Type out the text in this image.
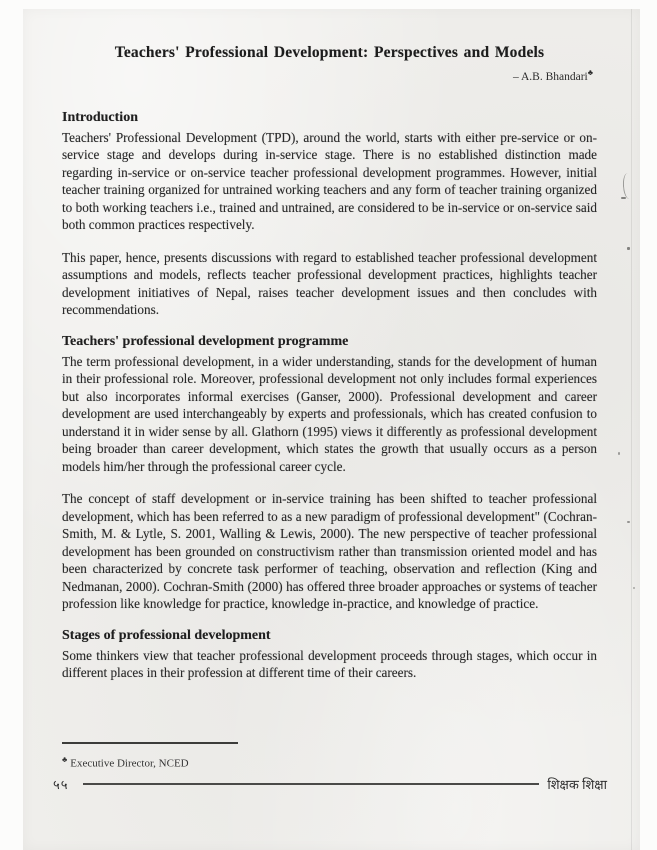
Teachers' Professional Development: Perspectives and Models
– A.B. Bhandari♣
Introduction

Teachers' Professional Development (TPD), around the world, starts with either pre-service or on-service stage and develops during in-service stage. There is no established distinction made regarding in-service or on-service teacher professional development programmes. However, initial teacher training organized for untrained working teachers and any form of teacher training organized to both working teachers i.e., trained and untrained, are considered to be in-service or on-service said both common practices respectively.

This paper, hence, presents discussions with regard to established teacher professional development assumptions and models, reflects teacher professional development practices, highlights teacher development initiatives of Nepal, raises teacher development issues and then concludes with recommendations.

Teachers' professional development programme

The term professional development, in a wider understanding, stands for the development of human in their professional role. Moreover, professional development not only includes formal experiences but also incorporates informal exercises (Ganser, 2000). Professional development and career development are used interchangeably by experts and professionals, which has created confusion to understand it in wider sense by all. Glathorn (1995) views it differently as professional development being broader than career development, which states the growth that usually occurs as a person models him/her through the professional career cycle.

The concept of staff development or in-service training has been shifted to teacher professional development, which has been referred to as a new paradigm of professional development" (Cochran-Smith, M. & Lytle, S. 2001, Walling & Lewis, 2000). The new perspective of teacher professional development has been grounded on constructivism rather than transmission oriented model and has been characterized by concrete task performer of teaching, observation and reflection (King and Nedmanan, 2000). Cochran-Smith (2000) has offered three broader approaches or systems of teacher profession like knowledge for practice, knowledge in-practice, and knowledge of practice.

Stages of professional development

Some thinkers view that teacher professional development proceeds through stages, which occur in different places in their profession at different time of their careers.

♣ Executive Director, NCED
५५	शिक्षक शिक्षा
